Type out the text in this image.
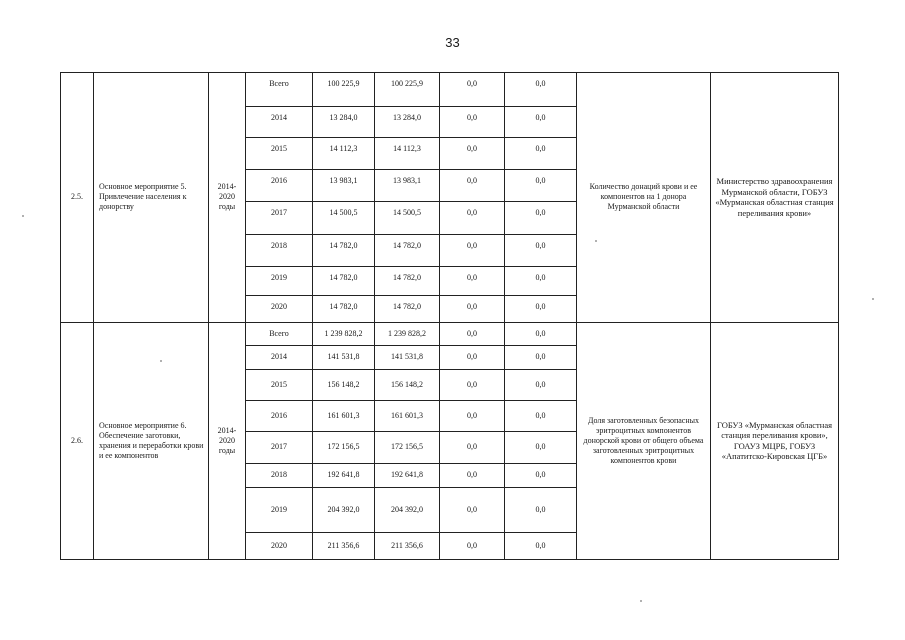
33
2.5.	Основное мероприятие 5. Привлечение населения к донорству	2014-2020 годы	Всего	100 225,9	100 225,9	0,0	0,0	Количество донаций крови и ее компонентов на 1 донора Мурманской области	Министерство здравоохранения Мурманской области, ГОБУЗ «Мурманская областная станция переливания крови»
			2014	13 284,0	13 284,0	0,0	0,0		
			2015	14 112,3	14 112,3	0,0	0,0		
			2016	13 983,1	13 983,1	0,0	0,0		
			2017	14 500,5	14 500,5	0,0	0,0		
			2018	14 782,0	14 782,0	0,0	0,0		
			2019	14 782,0	14 782,0	0,0	0,0		
			2020	14 782,0	14 782,0	0,0	0,0		
2.6.	Основное мероприятие 6. Обеспечение заготовки, хранения и переработки крови и ее компонентов	2014-2020 годы	Всего	1 239 828,2	1 239 828,2	0,0	0,0	Доля заготовленных безопасных эритроцитных компонентов донорской крови от общего объема заготовленных эритроцитных компонентов крови	ГОБУЗ «Мурманская областная станция переливания крови», ГОАУЗ МЦРБ, ГОБУЗ «Апатитско-Кировская ЦГБ»
			2014	141 531,8	141 531,8	0,0	0,0		
			2015	156 148,2	156 148,2	0,0	0,0		
			2016	161 601,3	161 601,3	0,0	0,0		
			2017	172 156,5	172 156,5	0,0	0,0		
			2018	192 641,8	192 641,8	0,0	0,0		
			2019	204 392,0	204 392,0	0,0	0,0		
			2020	211 356,6	211 356,6	0,0	0,0		
